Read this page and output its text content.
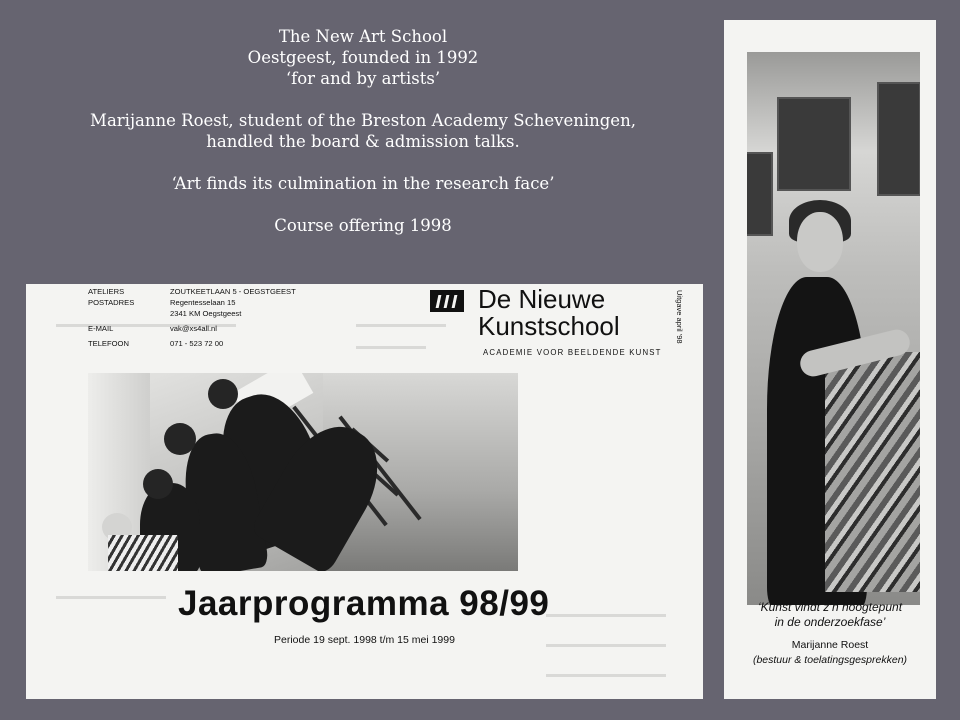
The New Art School
Oestgeest, founded in 1992
‘for and by artists’
Marijanne Roest, student of the Breston Academy Scheveningen,
handled the board & admission talks.
‘Art finds its culmination in the research face’
Course offering 1998
ATELIERS	ZOUTKEETLAAN 5 - OEGSTGEEST
POSTADRES	Regentesselaan 15
2341 KM Oegstgeest
E-MAIL	vak@xs4all.nl
TELEFOON	071 - 523 72 00
De Nieuwe
Kunstschool
ACADEMIE VOOR BEELDENDE KUNST
Uitgave april '98
Jaarprogramma 98/99
Periode 19 sept. 1998 t/m 15 mei 1999
‘Kunst vindt z’n hoogtepunt
in de onderzoekfase’
Marijanne Roest
(bestuur & toelatingsgesprekken)
